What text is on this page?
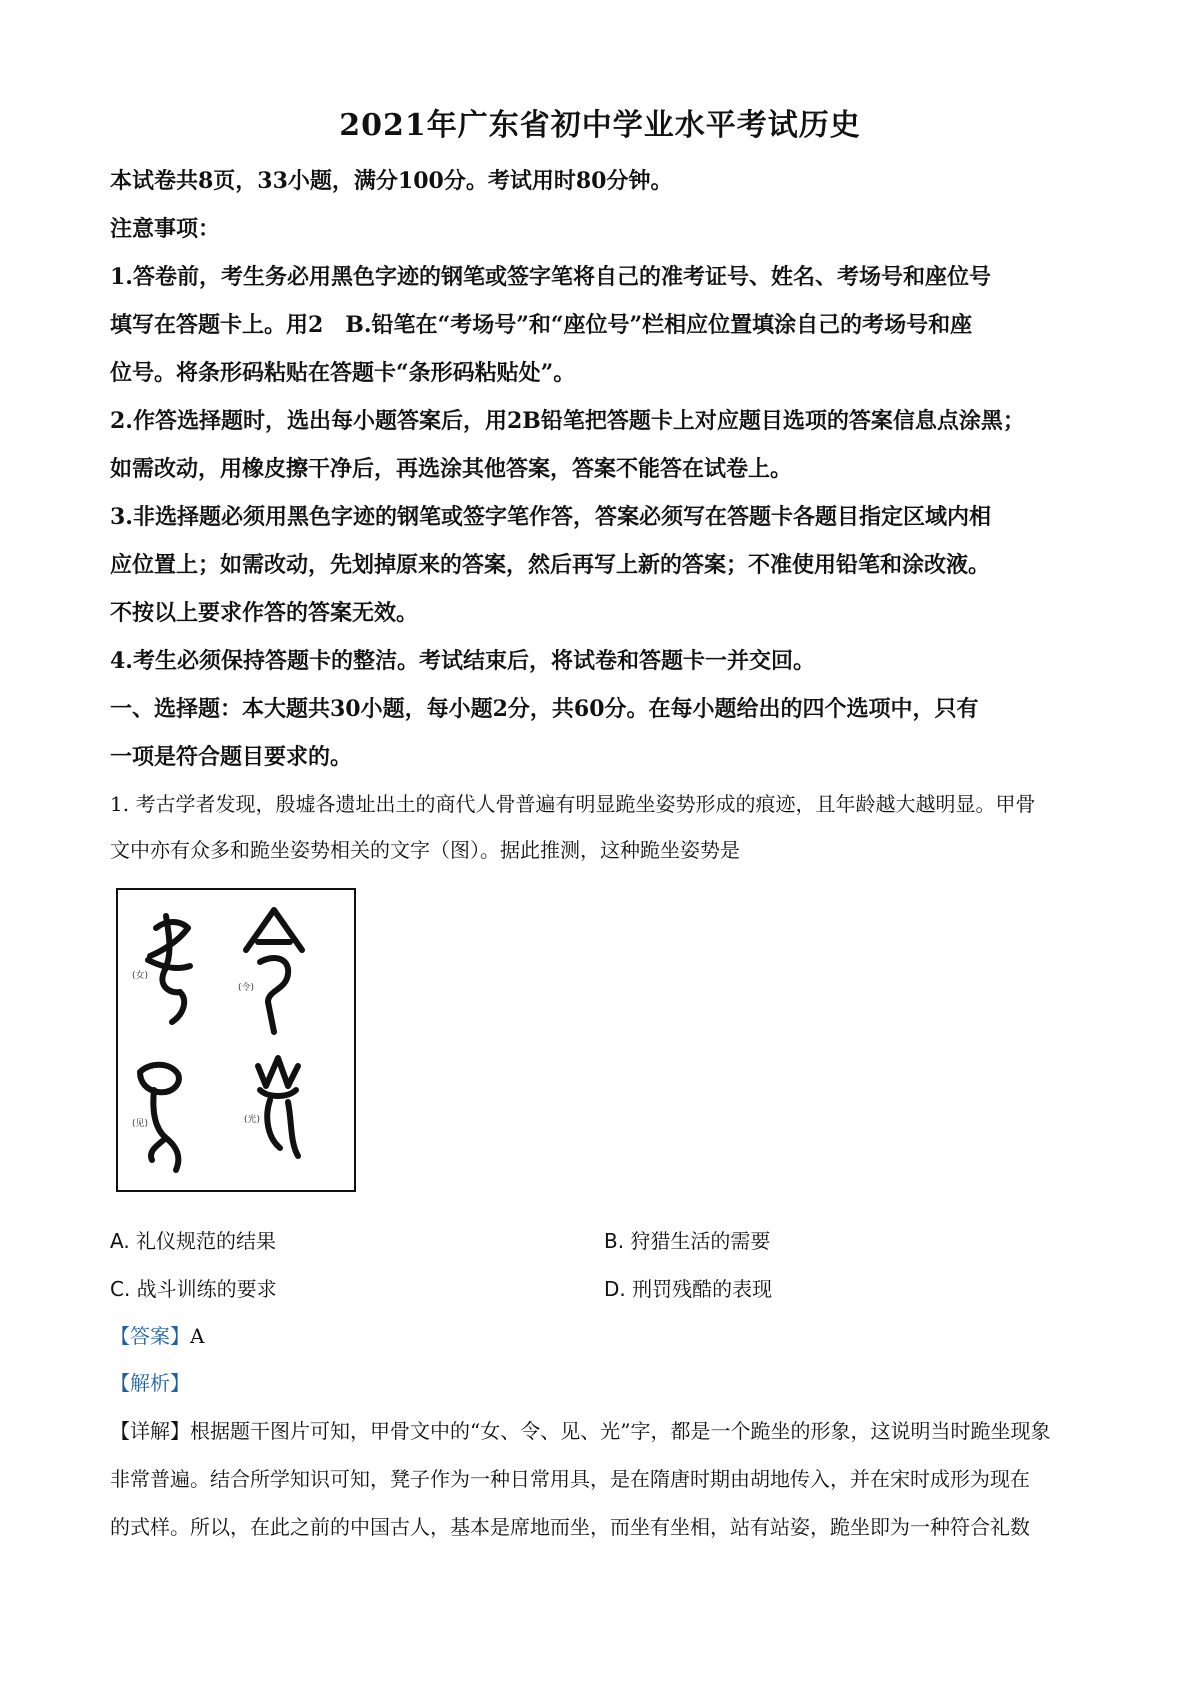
2021年广东省初中学业水平考试历史
本试卷共8页，33小题，满分100分。考试用时80分钟。
注意事项：
1.答卷前，考生务必用黑色字迹的钢笔或签字笔将自己的准考证号、姓名、考场号和座位号
填写在答题卡上。用2　B.铅笔在“考场号”和“座位号”栏相应位置填涂自己的考场号和座
位号。将条形码粘贴在答题卡“条形码粘贴处”。
2.作答选择题时，选出每小题答案后，用2B铅笔把答题卡上对应题目选项的答案信息点涂黑；
如需改动，用橡皮擦干净后，再选涂其他答案，答案不能答在试卷上。
3.非选择题必须用黑色字迹的钢笔或签字笔作答，答案必须写在答题卡各题目指定区域内相
应位置上；如需改动，先划掉原来的答案，然后再写上新的答案；不准使用铅笔和涂改液。
不按以上要求作答的答案无效。
4.考生必须保持答题卡的整洁。考试结束后，将试卷和答题卡一并交回。
一、选择题：本大题共30小题，每小题2分，共60分。在每小题给出的四个选项中，只有
一项是符合题目要求的。
1. 考古学者发现，殷墟各遗址出土的商代人骨普遍有明显跪坐姿势形成的痕迹，且年龄越大越明显。甲骨
文中亦有众多和跪坐姿势相关的文字（图）。据此推测，这种跪坐姿势是
(女)
(令)
(见)	(光)
A. 礼仪规范的结果	B. 狩猎生活的需要
C. 战斗训练的要求	D. 刑罚残酷的表现
【答案】A
【解析】
【详解】根据题干图片可知，甲骨文中的“女、令、见、光”字，都是一个跪坐的形象，这说明当时跪坐现象
非常普遍。结合所学知识可知，凳子作为一种日常用具，是在隋唐时期由胡地传入，并在宋时成形为现在
的式样。所以，在此之前的中国古人，基本是席地而坐，而坐有坐相，站有站姿，跪坐即为一种符合礼数
